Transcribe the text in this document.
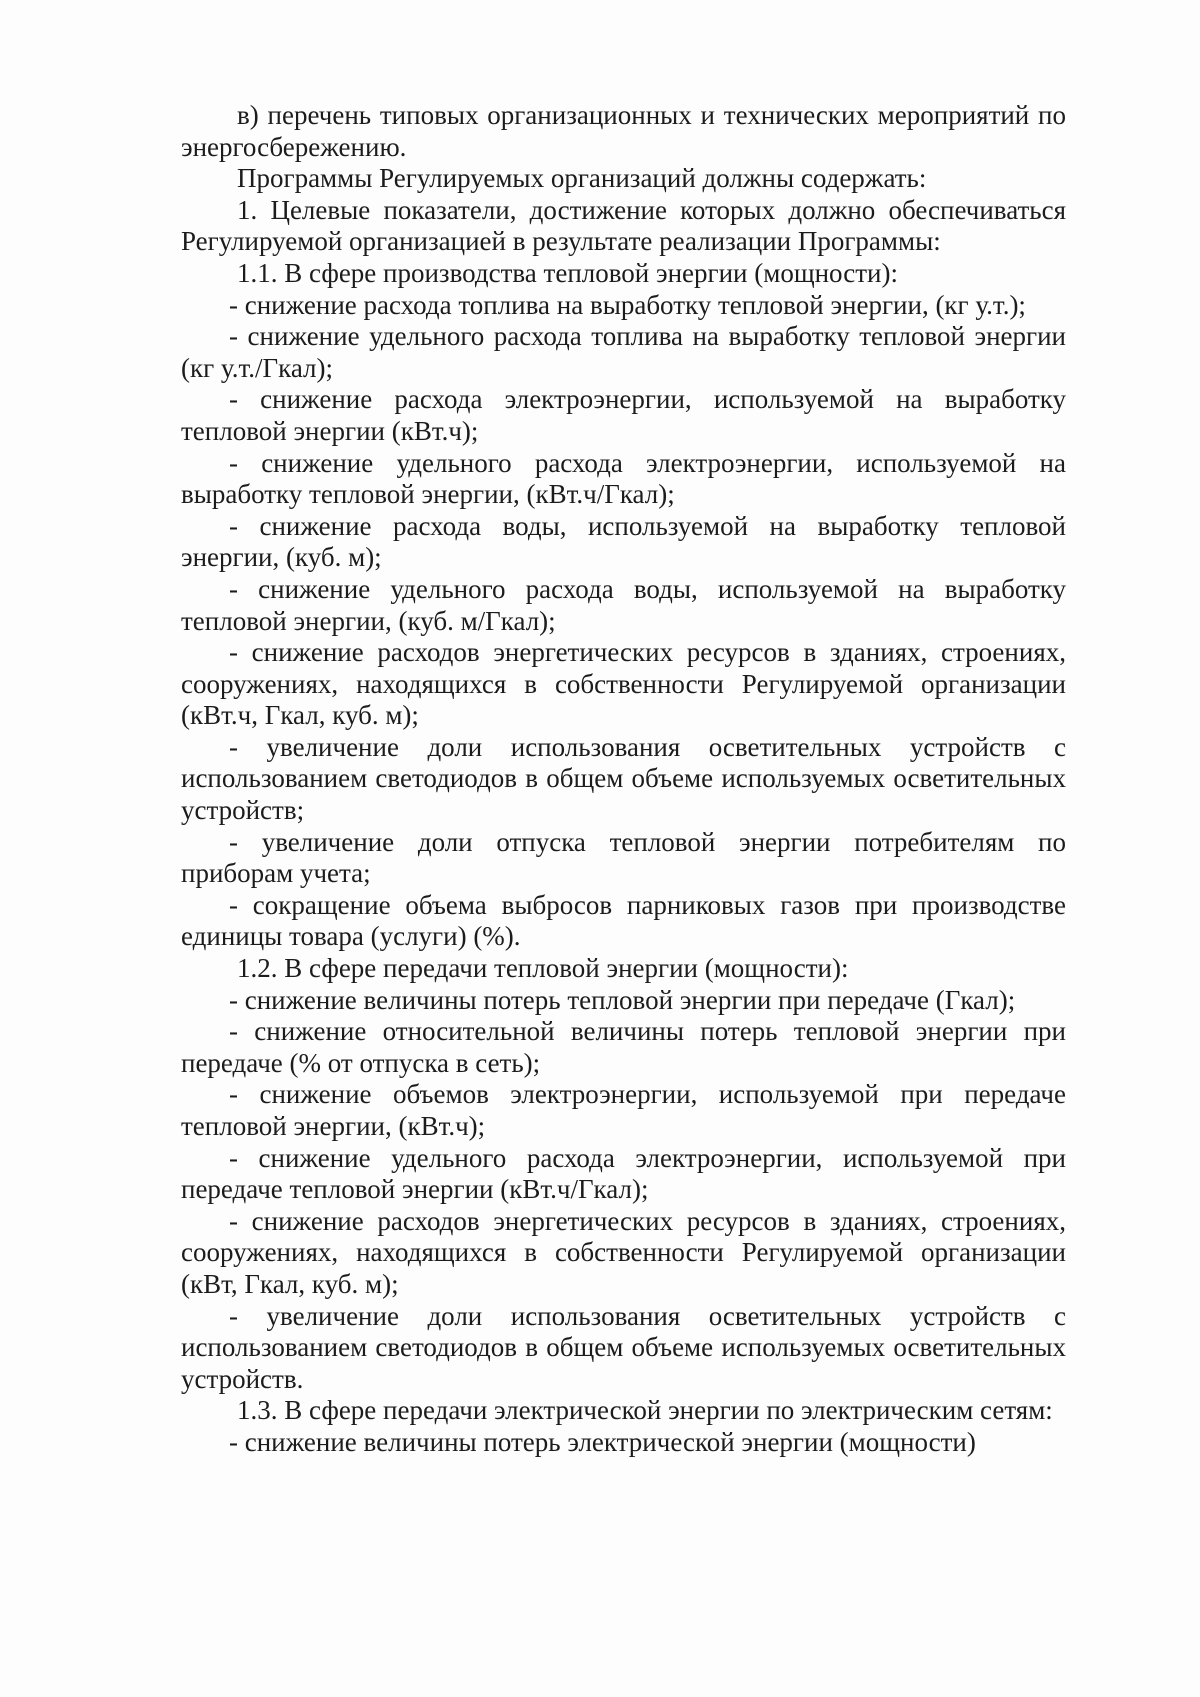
в) перечень типовых организационных и технических мероприятий по энергосбережению.

Программы Регулируемых организаций должны содержать:

1. Целевые показатели, достижение которых должно обеспечиваться Регулируемой организацией в результате реализации Программы:

1.1. В сфере производства тепловой энергии (мощности):

- снижение расхода топлива на выработку тепловой энергии, (кг у.т.);

- снижение удельного расхода топлива на выработку тепловой энергии (кг у.т./Гкал);

- снижение расхода электроэнергии, используемой на выработку тепловой энергии (кВт.ч);

- снижение удельного расхода электроэнергии, используемой на выработку тепловой энергии, (кВт.ч/Гкал);

- снижение расхода воды, используемой на выработку тепловой энергии, (куб. м);

- снижение удельного расхода воды, используемой на выработку тепловой энергии, (куб. м/Гкал);

- снижение расходов энергетических ресурсов в зданиях, строениях, сооружениях, находящихся в собственности Регулируемой организации (кВт.ч, Гкал, куб. м);

- увеличение доли использования осветительных устройств с использованием светодиодов в общем объеме используемых осветительных устройств;

- увеличение доли отпуска тепловой энергии потребителям по приборам учета;

- сокращение объема выбросов парниковых газов при производстве единицы товара (услуги) (%).

1.2. В сфере передачи тепловой энергии (мощности):

- снижение величины потерь тепловой энергии при передаче (Гкал);

- снижение относительной величины потерь тепловой энергии при передаче (% от отпуска в сеть);

- снижение объемов электроэнергии, используемой при передаче тепловой энергии, (кВт.ч);

- снижение удельного расхода электроэнергии, используемой при передаче тепловой энергии (кВт.ч/Гкал);

- снижение расходов энергетических ресурсов в зданиях, строениях, сооружениях, находящихся в собственности Регулируемой организации (кВт, Гкал, куб. м);

- увеличение доли использования осветительных устройств с использованием светодиодов в общем объеме используемых осветительных устройств.

1.3. В сфере передачи электрической энергии по электрическим сетям:

- снижение величины потерь электрической энергии (мощности)
